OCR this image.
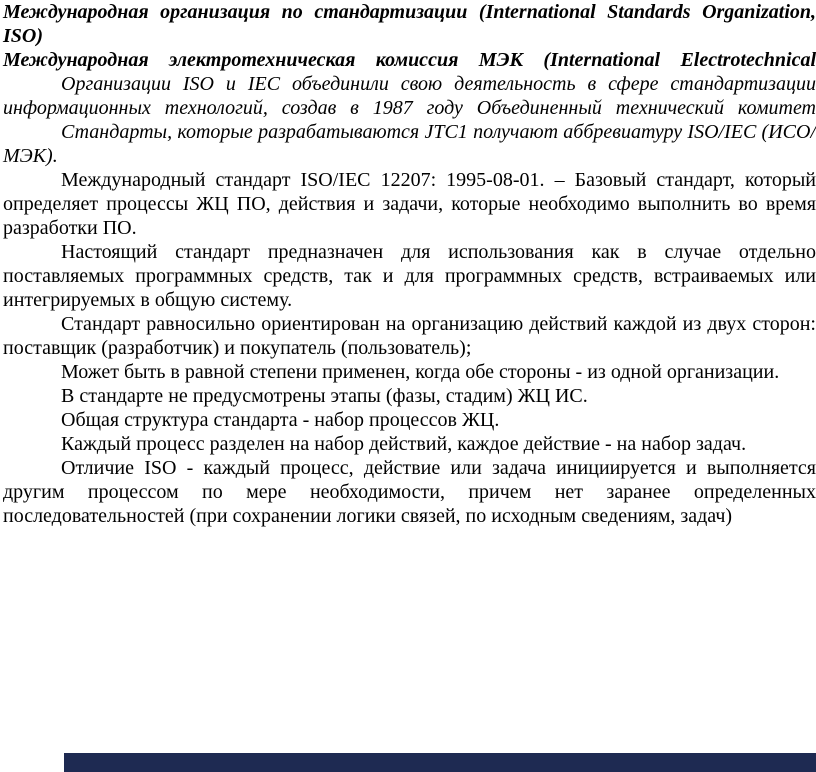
Международная организация по стандартизации (International Standards Organization, ISO)

Международная электротехническая комиссия МЭК (International Electrotechnical

Организации ISO и IEC объединили свою деятельность в сфере стандартизации информационных технологий, создав в 1987 году Объединенный технический комитет

Стандарты, которые разрабатываются JTC1 получают аббревиатуру ISO/IEC (ИСО/МЭК).

Международный стандарт ISO/IEC 12207: 1995-08-01. – Базовый стандарт, который определяет процессы ЖЦ ПО, действия и задачи, которые необходимо выполнить во время разработки ПО.

Настоящий стандарт предназначен для использования как в случае отдельно поставляемых программных средств, так и для программных средств, встраиваемых или интегрируемых в общую систему.

Стандарт равносильно ориентирован на организацию действий каждой из двух сторон: поставщик (разработчик) и покупатель (пользователь);

Может быть в равной степени применен, когда обе стороны - из одной организации.

В стандарте не предусмотрены этапы (фазы, стадим) ЖЦ ИС.

Общая структура стандарта - набор процессов ЖЦ.

Каждый процесс разделен на набор действий, каждое действие - на набор задач.

Отличие ISO - каждый процесс, действие или задача инициируется и выполняется другим процессом по мере необходимости, причем нет заранее определенных последовательностей (при сохранении логики связей, по исходным сведениям, задач)
